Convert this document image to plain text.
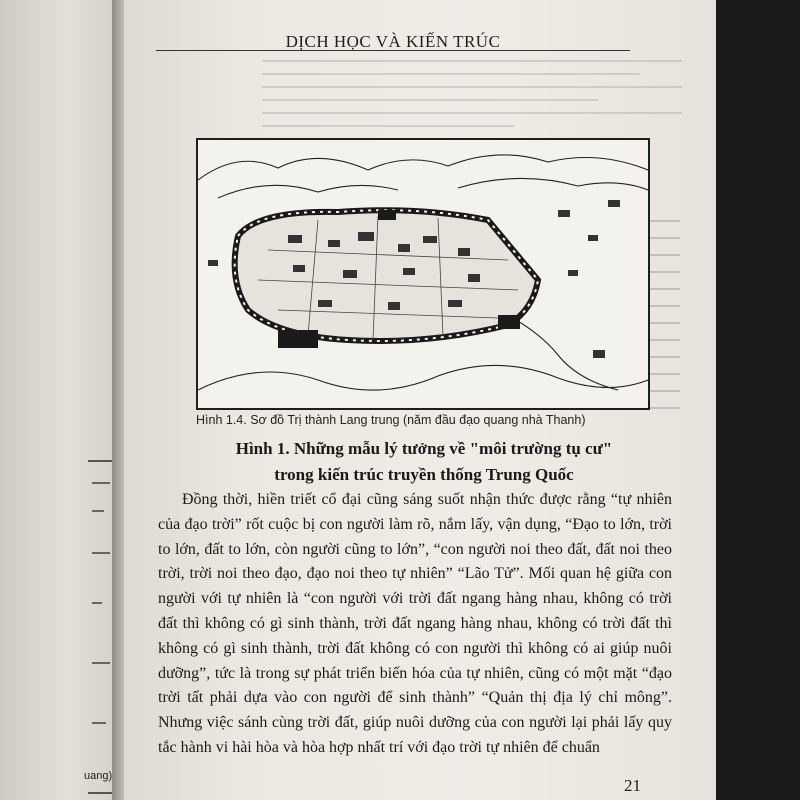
uang)
DỊCH HỌC VÀ KIẾN TRÚC
Hình 1.4. Sơ đồ Trị thành Lang trung (năm đầu đạo quang nhà Thanh)
Hình 1. Những mẫu lý tưởng về "môi trường tụ cư"
trong kiến trúc truyền thống Trung Quốc

Đồng thời, hiền triết cổ đại cũng sáng suốt nhận thức được rằng “tự nhiên của đạo trời” rốt cuộc bị con người làm rõ, nắm lấy, vận dụng, “Đạo to lớn, trời to lớn, đất to lớn, còn người cũng to lớn”, “con người noi theo đất, đất noi theo trời, trời noi theo đạo, đạo noi theo tự nhiên” “Lão Tử”. Mối quan hệ giữa con người với tự nhiên là “con người với trời đất ngang hàng nhau, không có trời đất thì không có gì sinh thành, trời đất ngang hàng nhau, không có trời đất thì không có gì sinh thành, trời đất không có con người thì không có ai giúp nuôi dưỡng”, tức là trong sự phát triển biến hóa của tự nhiên, cũng có một mặt “đạo trời tất phải dựa vào con người để sinh thành” “Quản thị địa lý chỉ mông”. Nhưng việc sánh cùng trời đất, giúp nuôi dưỡng của con người lại phải lấy quy tắc hành vi hài hòa và hòa hợp nhất trí với đạo trời tự nhiên để chuẩn

21
